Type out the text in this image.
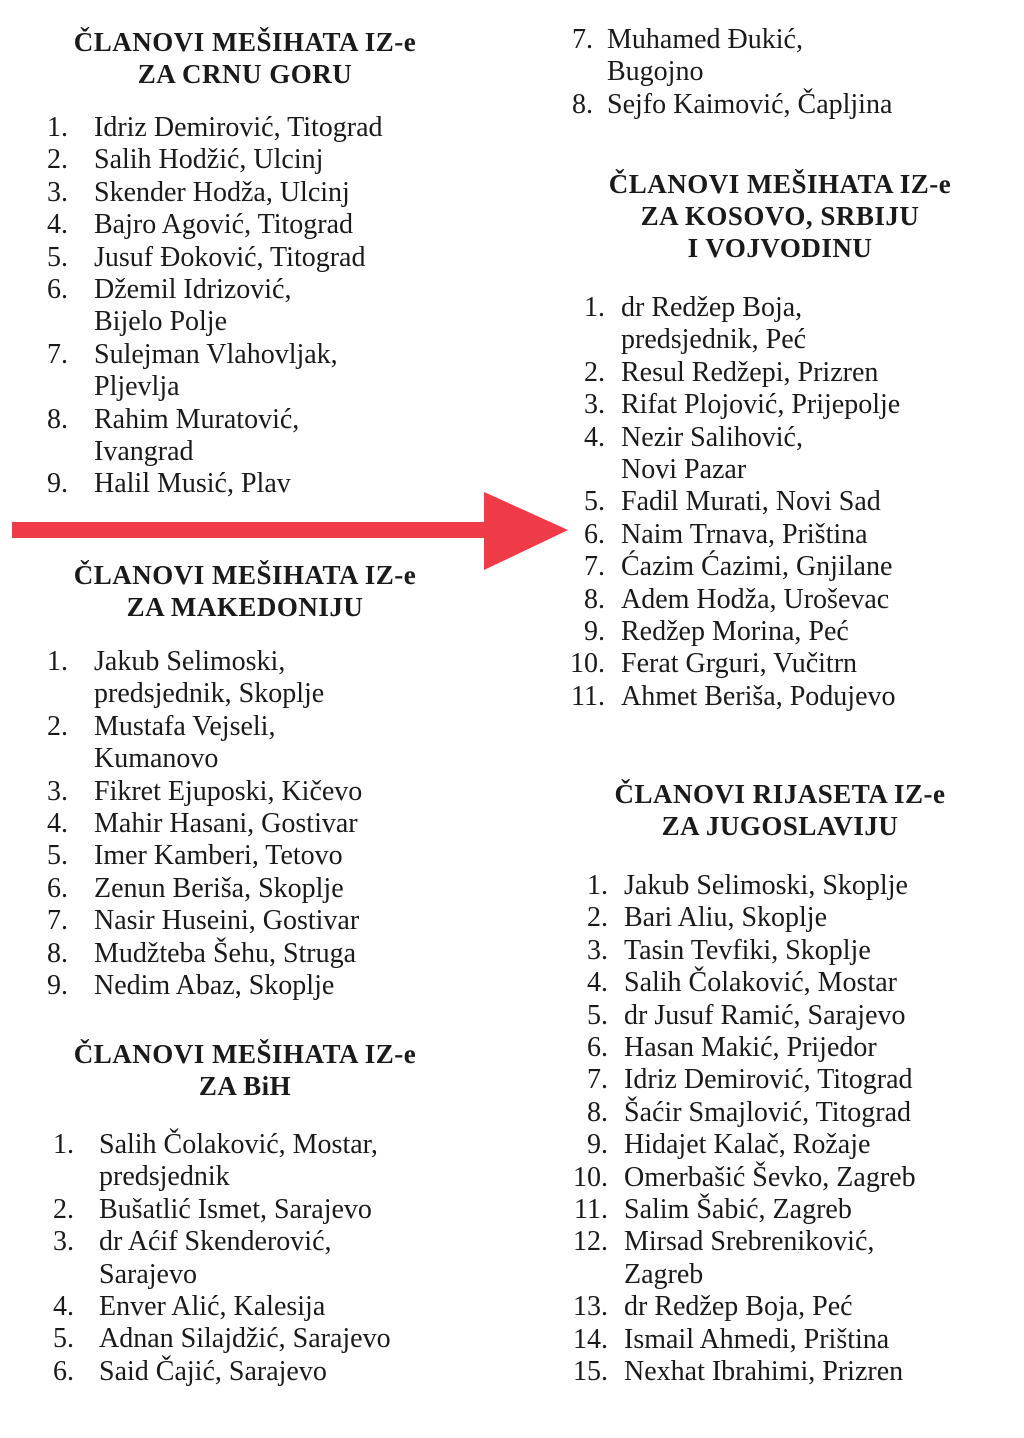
ČLANOVI MEŠIHATA IZ-e
ZA CRNU GORU
1. Idriz Demirović, Titograd
2. Salih Hodžić, Ulcinj
3. Skender Hodža, Ulcinj
4. Bajro Agović, Titograd
5. Jusuf Đoković, Titograd
6. Džemil Idrizović,
Bijelo Polje
7. Sulejman Vlahovljak,
Pljevlja
8. Rahim Muratović,
Ivangrad
9. Halil Musić, Plav
ČLANOVI MEŠIHATA IZ-e
ZA MAKEDONIJU
1. Jakub Selimoski,
predsjednik, Skoplje
2. Mustafa Vejseli,
Kumanovo
3. Fikret Ejuposki, Kičevo
4. Mahir Hasani, Gostivar
5. Imer Kamberi, Tetovo
6. Zenun Beriša, Skoplje
7. Nasir Huseini, Gostivar
8. Mudžteba Šehu, Struga
9. Nedim Abaz, Skoplje
ČLANOVI MEŠIHATA IZ-e
ZA BiH
1. Salih Čolaković, Mostar,
predsjednik
2. Bušatlić Ismet, Sarajevo
3. dr Aćif Skenderović,
Sarajevo
4. Enver Alić, Kalesija
5. Adnan Silajdžić, Sarajevo
6. Said Čajić, Sarajevo
7. Muhamed Đukić,
Bugojno
8. Sejfo Kaimović, Čapljina
ČLANOVI MEŠIHATA IZ-e
ZA KOSOVO, SRBIJU
I VOJVODINU
1. dr Redžep Boja,
predsjednik, Peć
2. Resul Redžepi, Prizren
3. Rifat Plojović, Prijepolje
4. Nezir Salihović,
Novi Pazar
5. Fadil Murati, Novi Sad
6. Naim Trnava, Priština
7. Ćazim Ćazimi, Gnjilane
8. Adem Hodža, Uroševac
9. Redžep Morina, Peć
10. Ferat Grguri, Vučitrn
11. Ahmet Beriša, Podujevo
ČLANOVI RIJASETA IZ-e
ZA JUGOSLAVIJU
1. Jakub Selimoski, Skoplje
2. Bari Aliu, Skoplje
3. Tasin Tevfiki, Skoplje
4. Salih Čolaković, Mostar
5. dr Jusuf Ramić, Sarajevo
6. Hasan Makić, Prijedor
7. Idriz Demirović, Titograd
8. Šaćir Smajlović, Titograd
9. Hidajet Kalač, Rožaje
10. Omerbašić Ševko, Zagreb
11. Salim Šabić, Zagreb
12. Mirsad Srebreniković,
Zagreb
13. dr Redžep Boja, Peć
14. Ismail Ahmedi, Priština
15. Nexhat Ibrahimi, Prizren
